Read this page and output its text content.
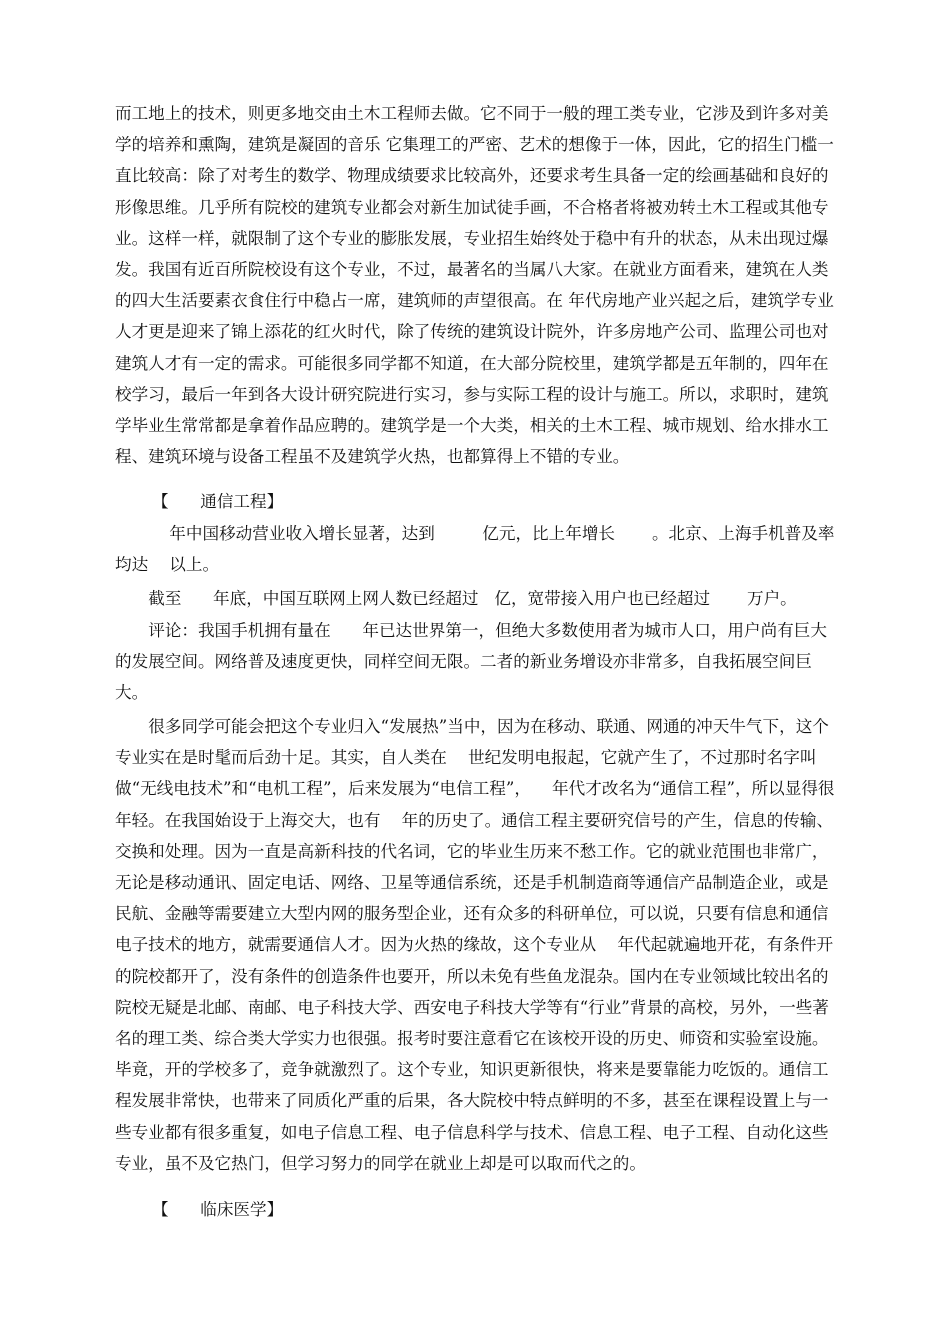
而工地上的技术，则更多地交由土木工程师去做。它不同于一般的理工类专业，它涉及到许多对美学的培养和熏陶，建筑是凝固的音乐 它集理工的严密、艺术的想像于一体，因此，它的招生门槛一直比较高：除了对考生的数学、物理成绩要求比较高外，还要求考生具备一定的绘画基础和良好的形像思维。几乎所有院校的建筑专业都会对新生加试徒手画，不合格者将被劝转土木工程或其他专业。这样一样，就限制了这个专业的膨胀发展，专业招生始终处于稳中有升的状态，从未出现过爆发。我国有近百所院校设有这个专业，不过，最著名的当属八大家。在就业方面看来，建筑在人类的四大生活要素衣食住行中稳占一席，建筑师的声望很高。在 年代房地产业兴起之后，建筑学专业人才更是迎来了锦上添花的红火时代，除了传统的建筑设计院外，许多房地产公司、监理公司也对建筑人才有一定的需求。可能很多同学都不知道，在大部分院校里，建筑学都是五年制的，四年在校学习，最后一年到各大设计研究院进行实习，参与实际工程的设计与施工。所以，求职时，建筑学毕业生常常都是拿着作品应聘的。建筑学是一个大类，相关的土木工程、城市规划、给水排水工程、建筑环境与设备工程虽不及建筑学火热，也都算得上不错的专业。

【      通信工程】

年中国移动营业收入增长显著，达到         亿元，比上年增长       。北京、上海手机普及率均达    以上。

截至      年底，中国互联网上网人数已经超过   亿，宽带接入用户也已经超过       万户。

评论：我国手机拥有量在      年已达世界第一，但绝大多数使用者为城市人口，用户尚有巨大的发展空间。网络普及速度更快，同样空间无限。二者的新业务增设亦非常多，自我拓展空间巨大。

很多同学可能会把这个专业归入“发展热”当中，因为在移动、联通、网通的冲天牛气下，这个专业实在是时髦而后劲十足。其实，自人类在    世纪发明电报起，它就产生了，不过那时名字叫做“无线电技术”和“电机工程”，后来发展为“电信工程”，    年代才改名为“通信工程”，所以显得很年轻。在我国始设于上海交大，也有    年的历史了。通信工程主要研究信号的产生，信息的传输、交换和处理。因为一直是高新科技的代名词，它的毕业生历来不愁工作。它的就业范围也非常广，无论是移动通讯、固定电话、网络、卫星等通信系统，还是手机制造商等通信产品制造企业，或是民航、金融等需要建立大型内网的服务型企业，还有众多的科研单位，可以说，只要有信息和通信电子技术的地方，就需要通信人才。因为火热的缘故，这个专业从    年代起就遍地开花，有条件开的院校都开了，没有条件的创造条件也要开，所以未免有些鱼龙混杂。国内在专业领域比较出名的院校无疑是北邮、南邮、电子科技大学、西安电子科技大学等有“行业”背景的高校，另外，一些著名的理工类、综合类大学实力也很强。报考时要注意看它在该校开设的历史、师资和实验室设施。毕竟，开的学校多了，竞争就激烈了。这个专业，知识更新很快，将来是要靠能力吃饭的。通信工程发展非常快，也带来了同质化严重的后果，各大院校中特点鲜明的不多，甚至在课程设置上与一些专业都有很多重复，如电子信息工程、电子信息科学与技术、信息工程、电子工程、自动化这些专业，虽不及它热门，但学习努力的同学在就业上却是可以取而代之的。

【      临床医学】
